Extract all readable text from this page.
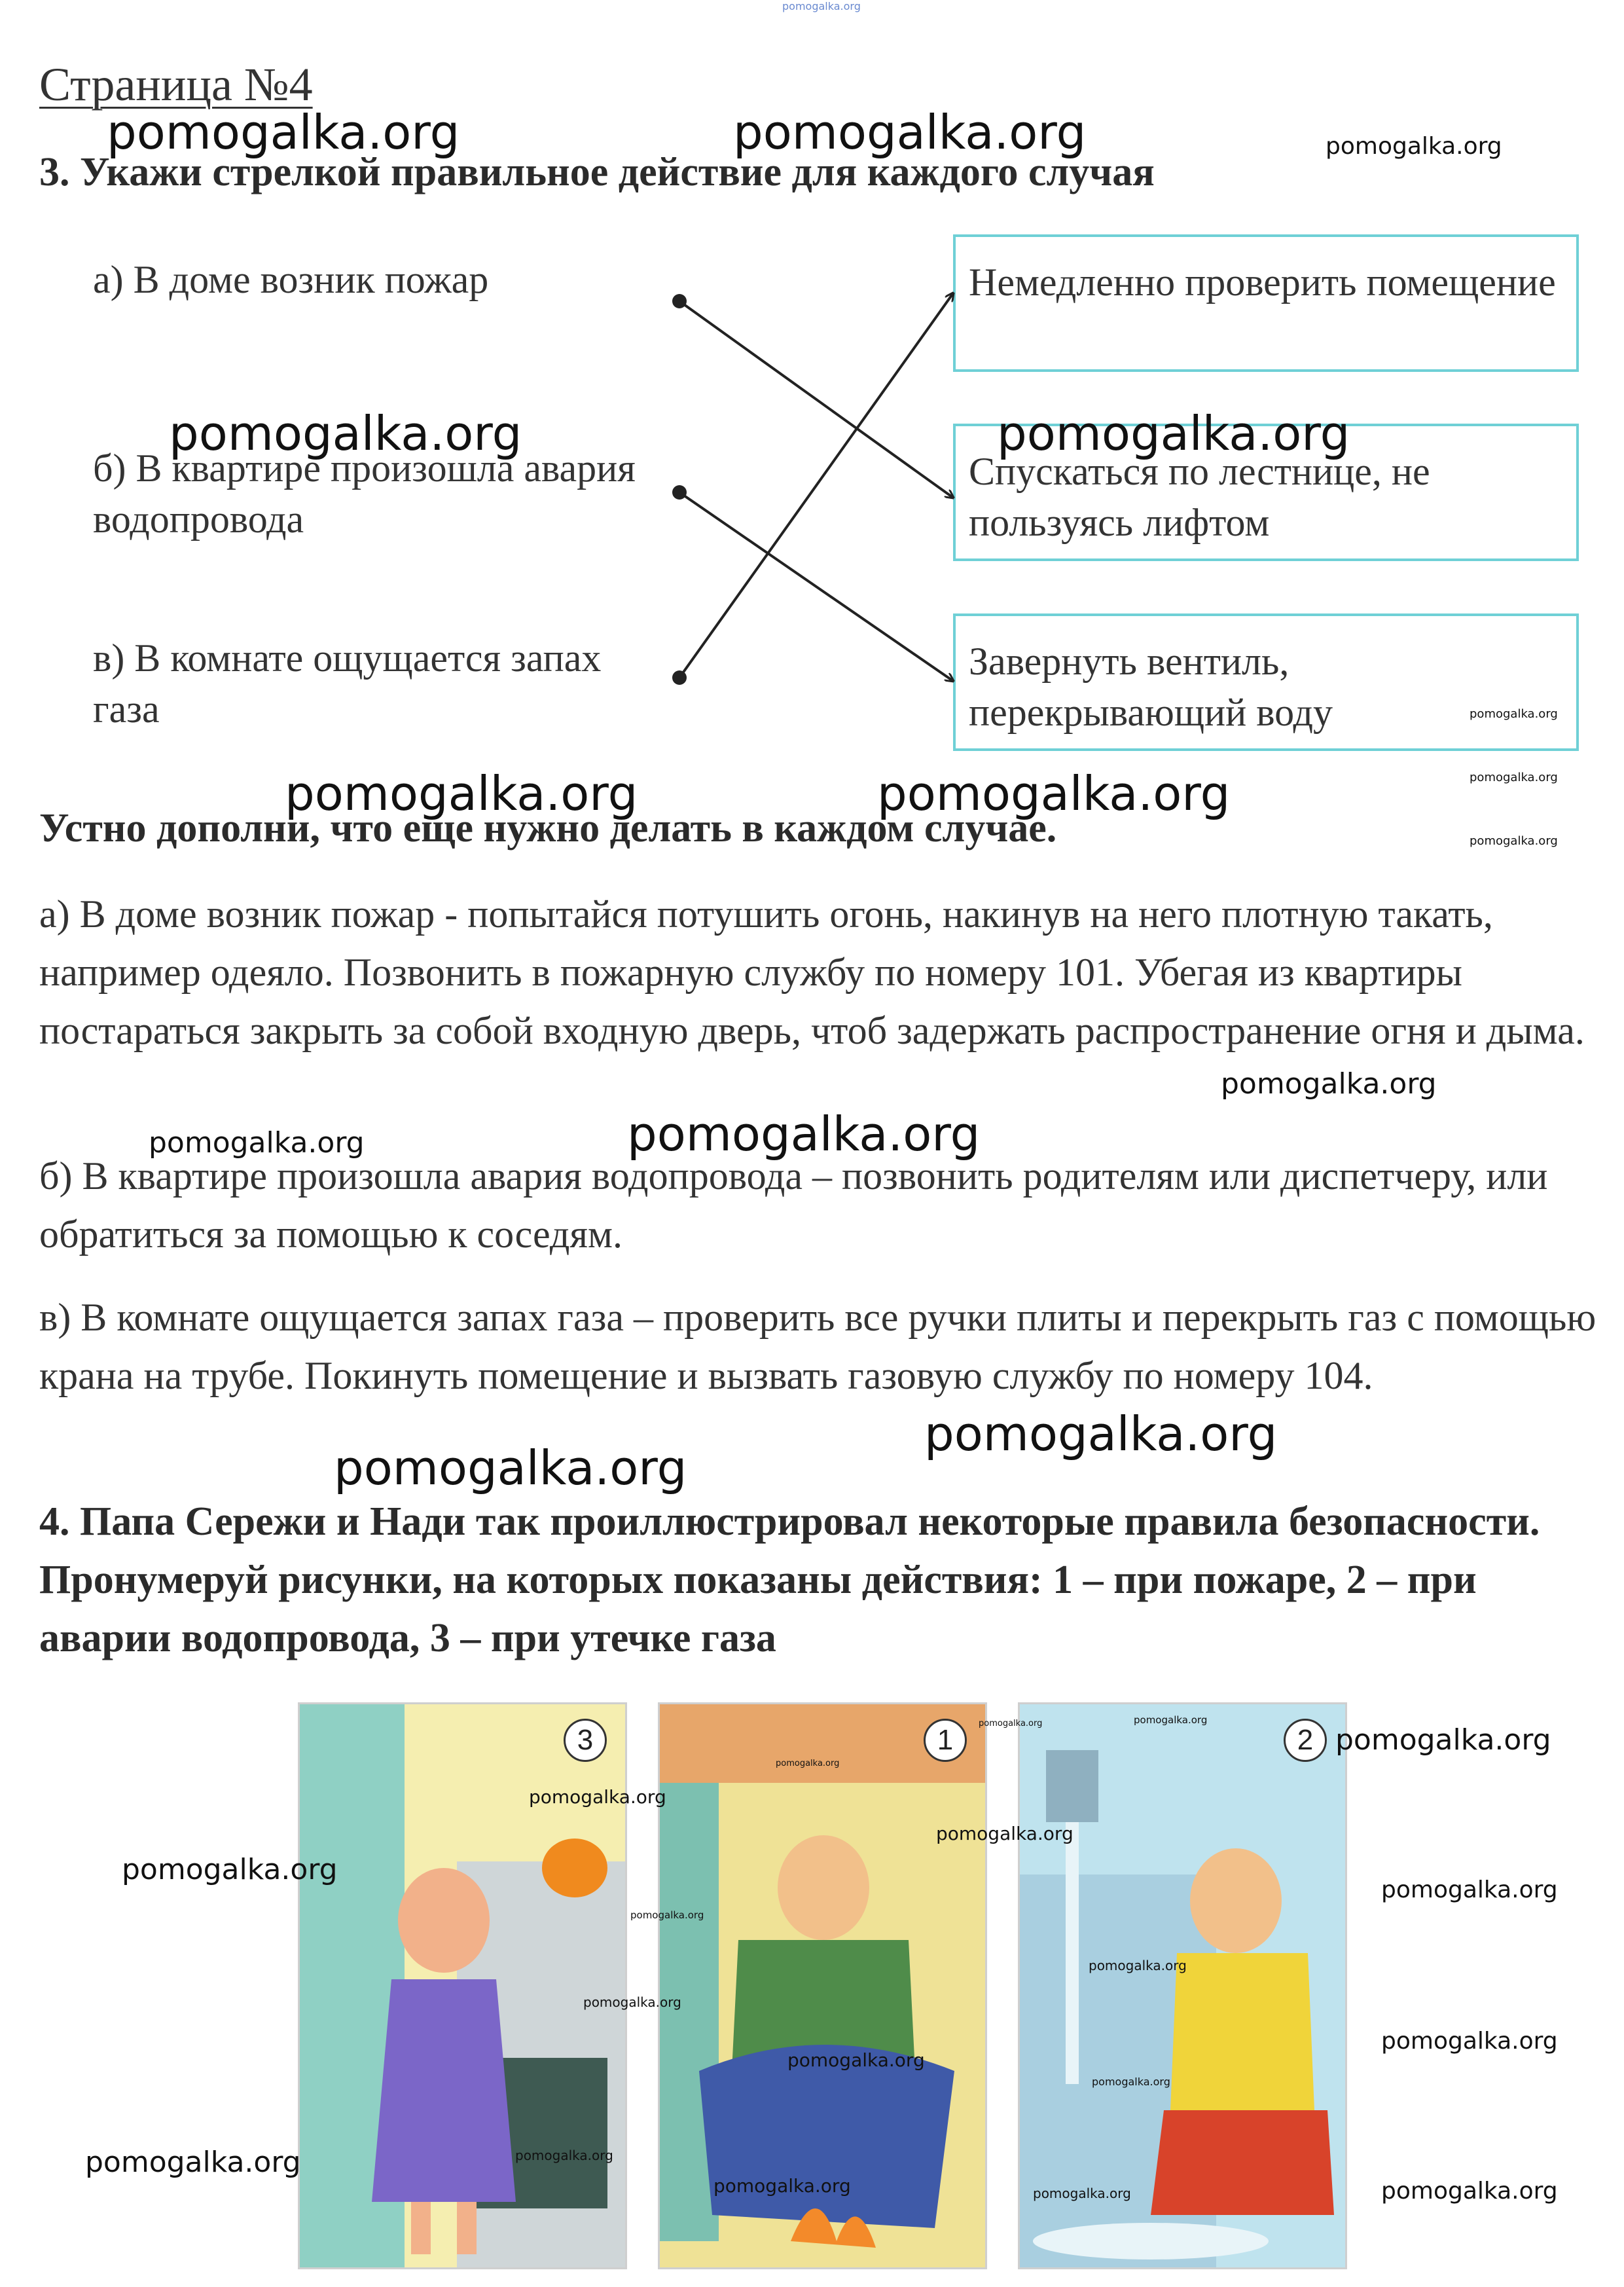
pomogalka.org
Страница №4
3. Укажи стрелкой правильное действие для каждого случая
а) В доме возник пожар
б) В квартире произошла авария водопровода
в) В комнате ощущается запах газа
Немедленно проверить помещение
Спускаться по лестнице, не пользуясь лифтом
Завернуть вентиль, перекрывающий воду
Устно дополни, что еще нужно делать в каждом случае.
а) В доме возник пожар - попытайся потушить огонь, накинув на него плотную такать, например одеяло. Позвонить в пожарную службу по номеру 101. Убегая из квартиры постараться закрыть за собой входную дверь, чтоб задержать распространение огня и дыма.
б) В квартире произошла авария водопровода – позвонить родителям или диспетчеру, или обратиться за помощью к соседям.
в) В комнате ощущается запах газа – проверить все ручки плиты и перекрыть газ с помощью крана на трубе. Покинуть помещение и вызвать газовую службу по номеру 104.
4. Папа Сережи и Нади так проиллюстрировал некоторые правила безопасности. Пронумеруй рисунки, на которых показаны действия: 1 – при пожаре, 2 – при аварии водопровода, 3 – при утечке газа
3	1	2
pomogalka.org	pomogalka.org	pomogalka.org
pomogalka.org	pomogalka.org
pomogalka.org
pomogalka.org
pomogalka.org
pomogalka.org	pomogalka.org
pomogalka.org
pomogalka.org	pomogalka.org
pomogalka.org
pomogalka.org
pomogalka.org
pomogalka.org
pomogalka.org
pomogalka.org
pomogalka.org
pomogalka.org
pomogalka.org
pomogalka.org
pomogalka.org
pomogalka.org
pomogalka.org
pomogalka.org	pomogalka.org
pomogalka.org
pomogalka.org
pomogalka.org
pomogalka.org
pomogalka.org
pomogalka.org
